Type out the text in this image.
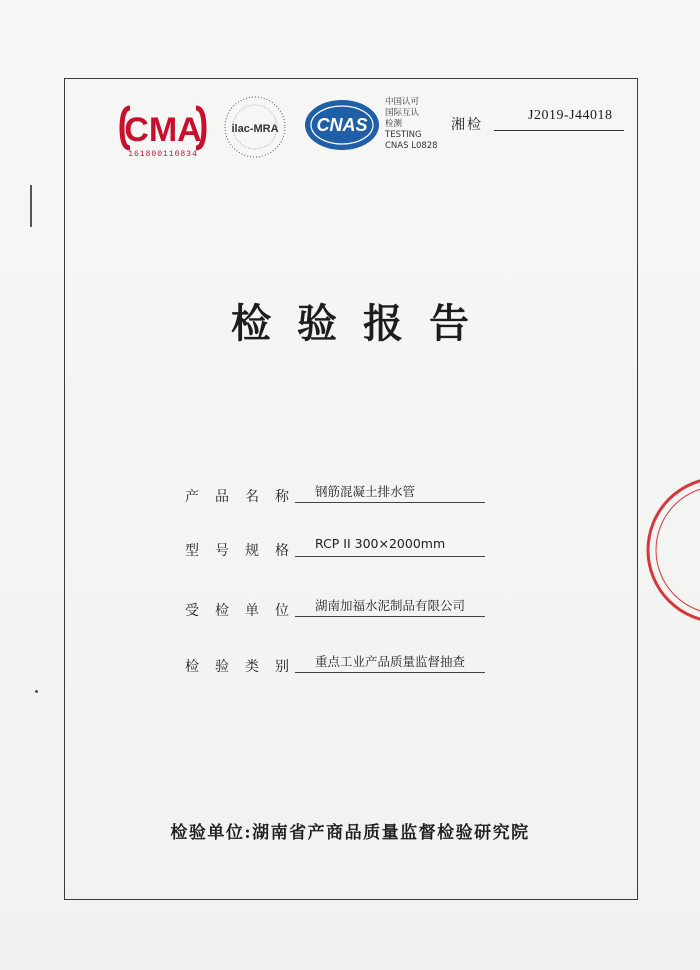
CMA
161800110834
ilac-MRA CNAS
中国认可
国际互认
检测
TESTING
CNAS L0828
湘检
J2019-J44018
检验报告
产 品 名 称 钢筋混凝土排水管
型 号 规 格 RCP II 300×2000mm
受 检 单 位 湖南加福水泥制品有限公司
检 验 类 别 重点工业产品质量监督抽查
检验单位:湖南省产商品质量监督检验研究院
